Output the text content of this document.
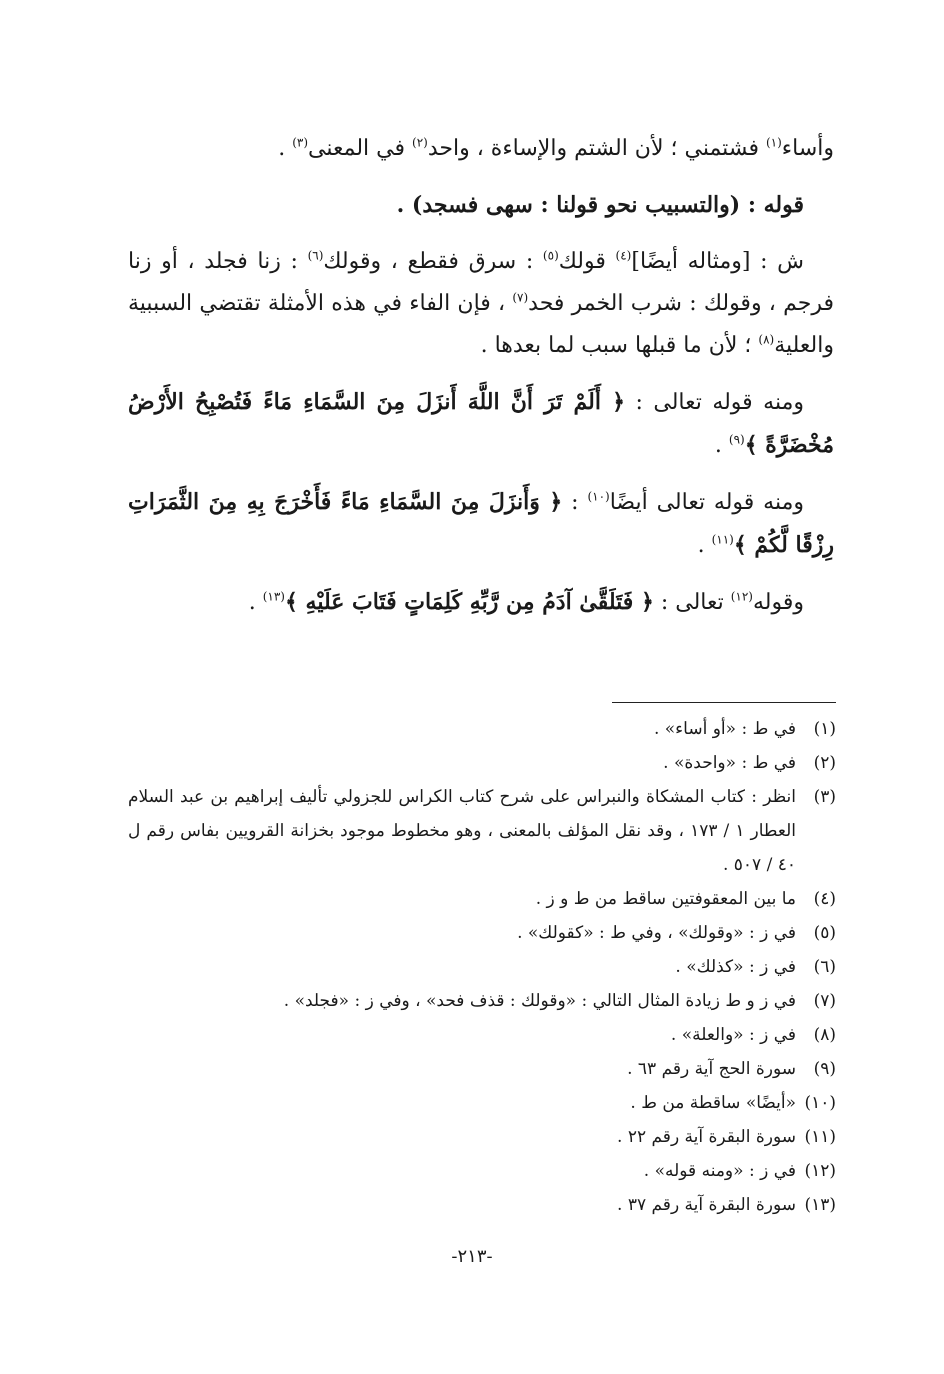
وأساء$^{(١)}$ فشتمني ؛ لأن الشتم والإساءة ، واحد$^{(٢)}$ في المعنى$^{(٣)}$ .

قوله : (والتسبيب نحو قولنا : سهى فسجد) .

ش : [ومثاله أيضًا]$^{(٤)}$ قولك$^{(٥)}$ : سرق فقطع ، وقولك$^{(٦)}$ : زنا فجلد ، أو زنا فرجم ، وقولك : شرب الخمر فحد$^{(٧)}$ ، فإن الفاء في هذه الأمثلة تقتضي السببية والعلية$^{(٨)}$ ؛ لأن ما قبلها سبب لما بعدها .

ومنه قوله تعالى : ﴿ أَلَمْ تَرَ أَنَّ اللَّهَ أَنزَلَ مِنَ السَّمَاءِ مَاءً فَتُصْبِحُ الأَرْضُ مُخْضَرَّةً ﴾$^{(٩)}$ .

ومنه قوله تعالى أيضًا$^{(١٠)}$ : ﴿ وَأَنزَلَ مِنَ السَّمَاءِ مَاءً فَأَخْرَجَ بِهِ مِنَ الثَّمَرَاتِ رِزْقًا لَّكُمْ ﴾$^{(١١)}$ .

وقوله$^{(١٢)}$ تعالى : ﴿ فَتَلَقَّىٰ آدَمُ مِن رَّبِّهِ كَلِمَاتٍ فَتَابَ عَلَيْهِ ﴾$^{(١٣)}$ .

(١)
في ط : «أو أساء» .
(٢)
في ط : «واحدة» .
(٣)
انظر : كتاب المشكاة والنبراس على شرح كتاب الكراس للجزولي تأليف إبراهيم بن عبد السلام العطار ١ / ١٧٣ ، وقد نقل المؤلف بالمعنى ، وهو مخطوط موجود بخزانة القرويين بفاس رقم ل ٤٠ / ٥٠٧ .
(٤)
ما بين المعقوفتين ساقط من ط و ز .
(٥)
في ز : «وقولك» ، وفي ط : «كقولك» .
(٦)
في ز : «كذلك» .
(٧)
في ز و ط زيادة المثال التالي : «وقولك : قذف فحد» ، وفي ز : «فجلد» .
(٨)
في ز : «والعلة» .
(٩)
سورة الحج آية رقم ٦٣ .
(١٠)
«أيضًا» ساقطة من ط .
(١١)
سورة البقرة آية رقم ٢٢ .
(١٢)
في ز : «ومنه قوله» .
(١٣)
سورة البقرة آية رقم ٣٧ .
-٢١٣-
